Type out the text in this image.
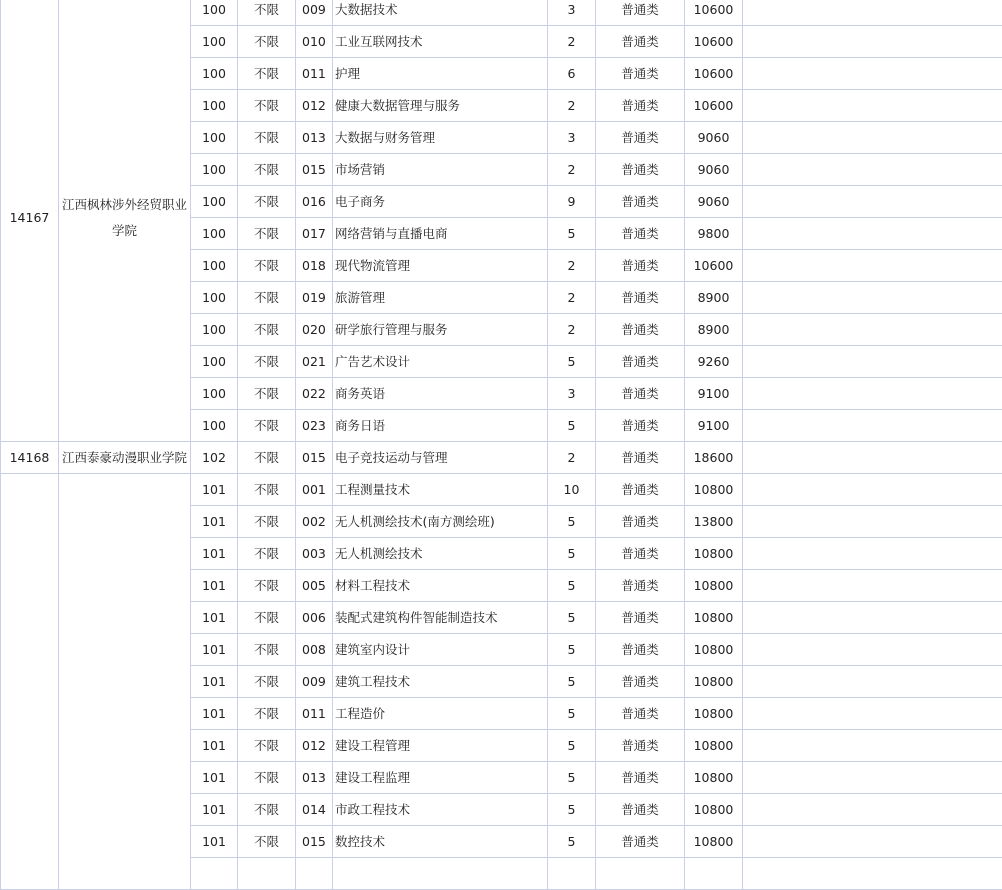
14167	江西枫林涉外经贸职业学院	100	不限	009	大数据技术	3	普通类	10600	
		100	不限	010	工业互联网技术	2	普通类	10600	
		100	不限	011	护理	6	普通类	10600	
		100	不限	012	健康大数据管理与服务	2	普通类	10600	
		100	不限	013	大数据与财务管理	3	普通类	9060	
		100	不限	015	市场营销	2	普通类	9060	
		100	不限	016	电子商务	9	普通类	9060	
		100	不限	017	网络营销与直播电商	5	普通类	9800	
		100	不限	018	现代物流管理	2	普通类	10600	
		100	不限	019	旅游管理	2	普通类	8900	
		100	不限	020	研学旅行管理与服务	2	普通类	8900	
		100	不限	021	广告艺术设计	5	普通类	9260	
		100	不限	022	商务英语	3	普通类	9100	
		100	不限	023	商务日语	5	普通类	9100	
14168	江西泰豪动漫职业学院	102	不限	015	电子竞技运动与管理	2	普通类	18600	
		101	不限	001	工程测量技术	10	普通类	10800	
		101	不限	002	无人机测绘技术(南方测绘班)	5	普通类	13800	
		101	不限	003	无人机测绘技术	5	普通类	10800	
		101	不限	005	材料工程技术	5	普通类	10800	
		101	不限	006	装配式建筑构件智能制造技术	5	普通类	10800	
		101	不限	008	建筑室内设计	5	普通类	10800	
		101	不限	009	建筑工程技术	5	普通类	10800	
		101	不限	011	工程造价	5	普通类	10800	
		101	不限	012	建设工程管理	5	普通类	10800	
		101	不限	013	建设工程监理	5	普通类	10800	
		101	不限	014	市政工程技术	5	普通类	10800	
		101	不限	015	数控技术	5	普通类	10800	
